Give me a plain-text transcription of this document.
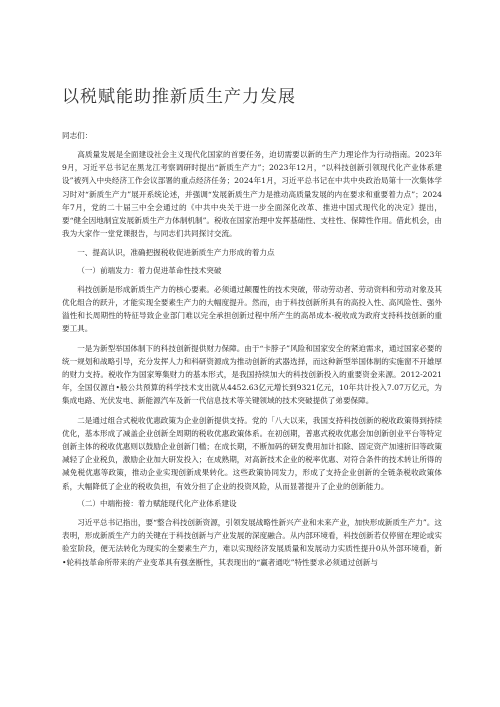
以税赋能助推新质生产力发展
同志们：

高质量发展是全面建设社会主义现代化国家的首要任务，迫切需要以新的生产力理论作为行动指南。2023年9月，习近平总书记在黑龙江考察调研时提出“新质生产力”；2023年12月，“以科技创新引领现代化产业体系建设”被列入中央经济工作会议部署的重点经济任务；2024年1月，习近平总书记在中共中央政治局第十一次集体学习时对“新质生产力”展开系统论述，并强调“发展新质生产力是推动高质量发展的内在要求和重要着力点”；2024年7月，党的二十届三中全会通过的《中共中央关于进一步全面深化改革、推进中国式现代化的决定》提出，要“健全因地制宜发展新质生产力体制机制”。税收在国家治理中发挥基础性、支柱性、保障性作用。借此机会，由我为大家作一堂党课报告，与同志们共同探讨交流。

一、提高认识，准确把握税收促进新质生产力形成的着力点
（一）前端发力：着力促进革命性技术突破

科技创新是形成新质生产力的核心要素。必须通过颠覆性的技术突破，带动劳动者、劳动资料和劳动对象及其优化组合的跃升，才能实现全要素生产力的大幅度提升。然而，由于科技创新所具有的高投入性、高风险性、强外溢性和长周期性的特征导致企业部门难以完全承担创新过程中所产生的高昂成本-税收成为政府支持科技创新的重要工具。

一是为新型举国体制下的科技创新提供财力保障。由于“卡脖子”风险和国家安全的紧迫需求，通过国家必要的统一规划和战略引导，充分发挥人力和科研资源成为推动创新的武器选择，而这种新型举国体制的实施窗不开雄厚的财力支持。税收作为国家筹集财力的基本形式，是我国持续加大的科技创新投入的重要资金来源。2012-2021年，全国仅源自•般公共预算的科学技术支出就从4452.63亿元增长到9321亿元，10年共计投入7.07万亿元，为集成电路、光伏发电、新能源汽车及新一代信息技术等关键领域的技术突破提供了弟要保障。

二是通过组合式税收优惠政策为企业创新提供支持。党的「八大以来，我国支持科技创新的税收政策得到持续优化，基本形成了减盖企业创新全周期的税收优惠政策体系。在初创期，普惠式税收优惠会加创新创业平台等特定创新主体的税收优惠则以鼓励企业创新门槛；在成长期，不断加码的研发费用加计扣除、固定资产加速折旧等政策减轻了企业税负，激励企业加大研发投入；在成熟期，对高新技术企业的税率优惠、对符合条件的技术转让所得的减免税优惠等政策，推动企业实现创新成果转化。这些政策协同发力，形成了支持企业创新的全链条税收政策体系，大幅降低了企业的税收负担，有效分担了企业的投资风险，从而显著提升了企业的创新能力。

（二）中端衔接：着力赋能现代化产业体系建设

习近平总书记指出，要“整合科技创新资源，引领发展战略性新兴产业和未来产业，加快形成新质生产力”。这表明，形成新质生产力的关键在于科技创新与产业发展的深度融合。从内部环境看，科技创新若仅停留在理论或实验室阶段，便无法转化为现实的全要素生产力，难以实现经济发展质量和发展动力实质性提升0从外部环境看，新•轮科技革命所带来的产业变革具有强垄断性，其表现出的“赢者通吃”特性要求必须通过创新与
